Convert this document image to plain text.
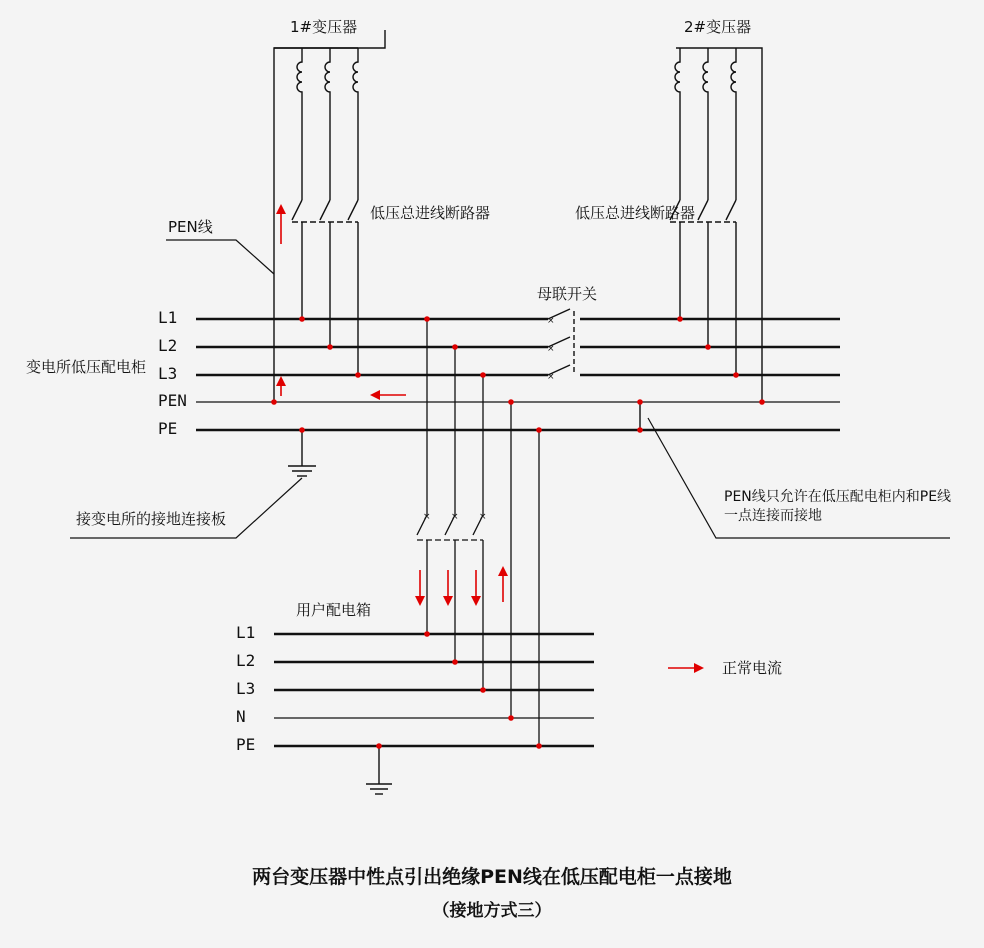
×
×
×
× × ×
1#变压器	2#变压器
低压总进线断路器	低压总进线断路器
PEN线
母联开关
变电所低压配电柜
L1
L2
L3
PEN
PE
接变电所的接地连接板
PEN线只允许在低压配电柜内和PE线
一点连接而接地
用户配电箱
L1
L2
L3
N
PE
正常电流
两台变压器中性点引出绝缘PEN线在低压配电柜一点接地
（接地方式三）
